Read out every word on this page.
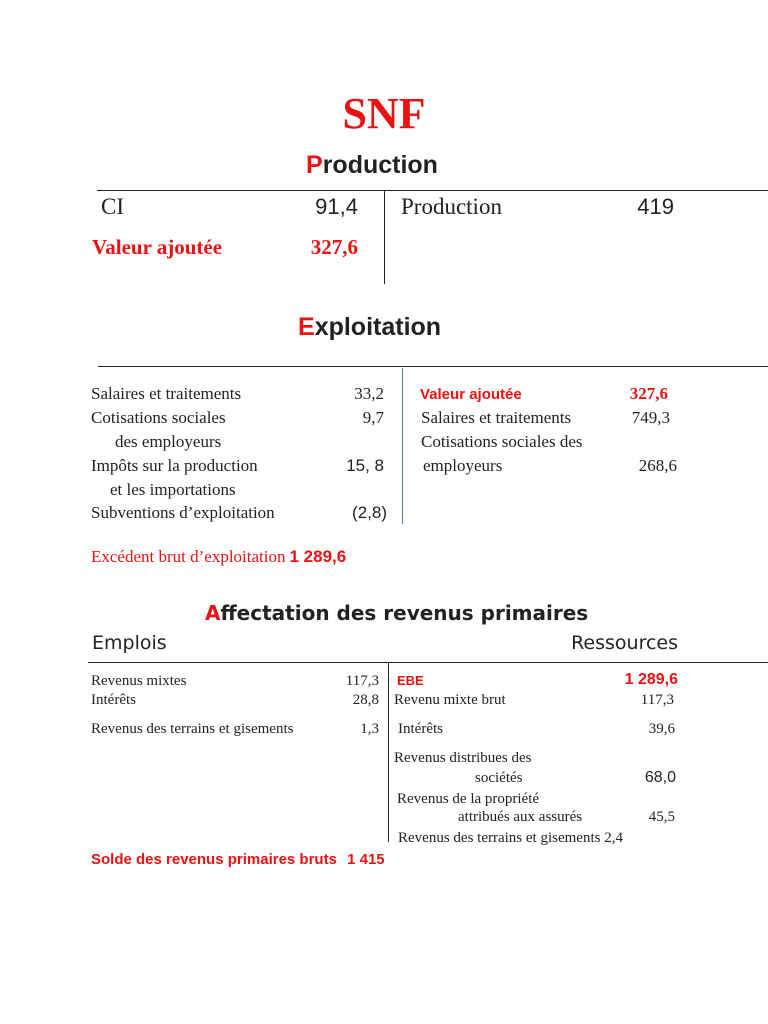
SNF
Production
CI	91,4
Valeur ajoutée	327,6
Production	419
Exploitation
Salaires et traitements	33,2
Cotisations sociales	9,7
des employeurs
Impôts sur la production	15, 8
et les importations
Subventions d’exploitation	(2,8)
Valeur ajoutée	327,6
Salaires et traitements	749,3
Cotisations sociales des
employeurs	268,6
Excédent brut d’exploitation 1 289,6
Affectation des revenus primaires
Emplois	Ressources
Revenus mixtes	117,3
Intérêts	28,8
Revenus des terrains et gisements	1,3
EBE	1 289,6
Revenu mixte brut	117,3
Intérêts	39,6
Revenus distribues des
sociétés	68,0
Revenus de la propriété
attribués aux assurés	45,5
Revenus des terrains et gisements 2,4
Solde des revenus primaires bruts 1 415
